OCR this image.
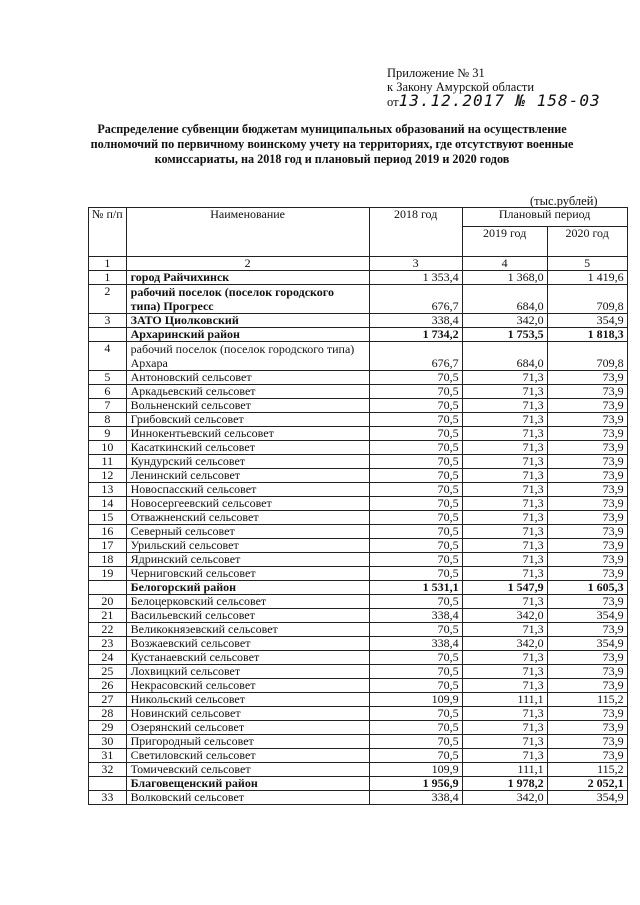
Приложение № 31
к Закону Амурской области
от13.12.2017 № 158-03
Распределение субвенции бюджетам муниципальных образований на осуществление полномочий по первичному воинскому учету на территориях, где отсутствуют военные комиссариаты, на 2018 год и плановый период 2019 и 2020 годов
(тыс.рублей)
№ п/п	Наименование	2018 год	Плановый период	
			2019 год	2020 год
1	2	3	4	5
1	город Райчихинск	1 353,4	1 368,0	1 419,6
2	рабочий поселок (поселок городского типа) Прогресс	676,7	684,0	709,8
3	ЗАТО Циолковский	338,4	342,0	354,9
	Архаринский район	1 734,2	1 753,5	1 818,3
4	рабочий поселок (поселок городского типа) Архара	676,7	684,0	709,8
5	Антоновский сельсовет	70,5	71,3	73,9
6	Аркадьевский сельсовет	70,5	71,3	73,9
7	Вольненский сельсовет	70,5	71,3	73,9
8	Грибовский сельсовет	70,5	71,3	73,9
9	Иннокентьевский сельсовет	70,5	71,3	73,9
10	Касаткинский сельсовет	70,5	71,3	73,9
11	Кундурский сельсовет	70,5	71,3	73,9
12	Ленинский сельсовет	70,5	71,3	73,9
13	Новоспасский сельсовет	70,5	71,3	73,9
14	Новосергеевский сельсовет	70,5	71,3	73,9
15	Отважненский сельсовет	70,5	71,3	73,9
16	Северный сельсовет	70,5	71,3	73,9
17	Урильский сельсовет	70,5	71,3	73,9
18	Ядринский сельсовет	70,5	71,3	73,9
19	Черниговский сельсовет	70,5	71,3	73,9
	Белогорский район	1 531,1	1 547,9	1 605,3
20	Белоцерковский сельсовет	70,5	71,3	73,9
21	Васильевский сельсовет	338,4	342,0	354,9
22	Великокнязевский сельсовет	70,5	71,3	73,9
23	Возжаевский сельсовет	338,4	342,0	354,9
24	Кустанаевский сельсовет	70,5	71,3	73,9
25	Лохвицкий сельсовет	70,5	71,3	73,9
26	Некрасовский сельсовет	70,5	71,3	73,9
27	Никольский сельсовет	109,9	111,1	115,2
28	Новинский сельсовет	70,5	71,3	73,9
29	Озерянский сельсовет	70,5	71,3	73,9
30	Пригородный сельсовет	70,5	71,3	73,9
31	Светиловский сельсовет	70,5	71,3	73,9
32	Томичевский сельсовет	109,9	111,1	115,2
	Благовещенский район	1 956,9	1 978,2	2 052,1
33	Волковский сельсовет	338,4	342,0	354,9
